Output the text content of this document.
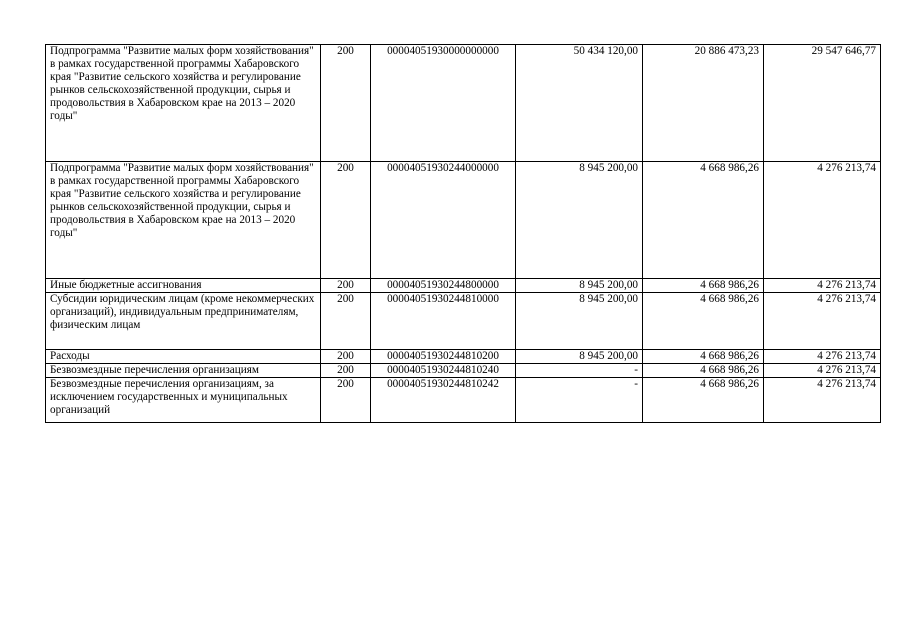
Подпрограмма "Развитие малых форм хозяйствования" в рамках государственной программы Хабаровского края "Развитие сельского хозяйства и регулирование рынков сельскохозяйственной продукции, сырья и продовольствия в Хабаровском крае на 2013 – 2020 годы"	200	00004051930000000000	50 434 120,00	20 886 473,23	29 547 646,77
Подпрограмма "Развитие малых форм хозяйствования" в рамках государственной программы Хабаровского края "Развитие сельского хозяйства и регулирование рынков сельскохозяйственной продукции, сырья и продовольствия в Хабаровском крае на 2013 – 2020 годы"	200	00004051930244000000	8 945 200,00	4 668 986,26	4 276 213,74
Иные бюджетные ассигнования	200	00004051930244800000	8 945 200,00	4 668 986,26	4 276 213,74
Субсидии юридическим лицам (кроме некоммерческих организаций), индивидуальным предпринимателям, физическим лицам	200	00004051930244810000	8 945 200,00	4 668 986,26	4 276 213,74
Расходы	200	00004051930244810200	8 945 200,00	4 668 986,26	4 276 213,74
Безвозмездные перечисления организациям	200	00004051930244810240	-	4 668 986,26	4 276 213,74
Безвозмездные перечисления организациям, за исключением государственных и муниципальных организаций	200	00004051930244810242	-	4 668 986,26	4 276 213,74
